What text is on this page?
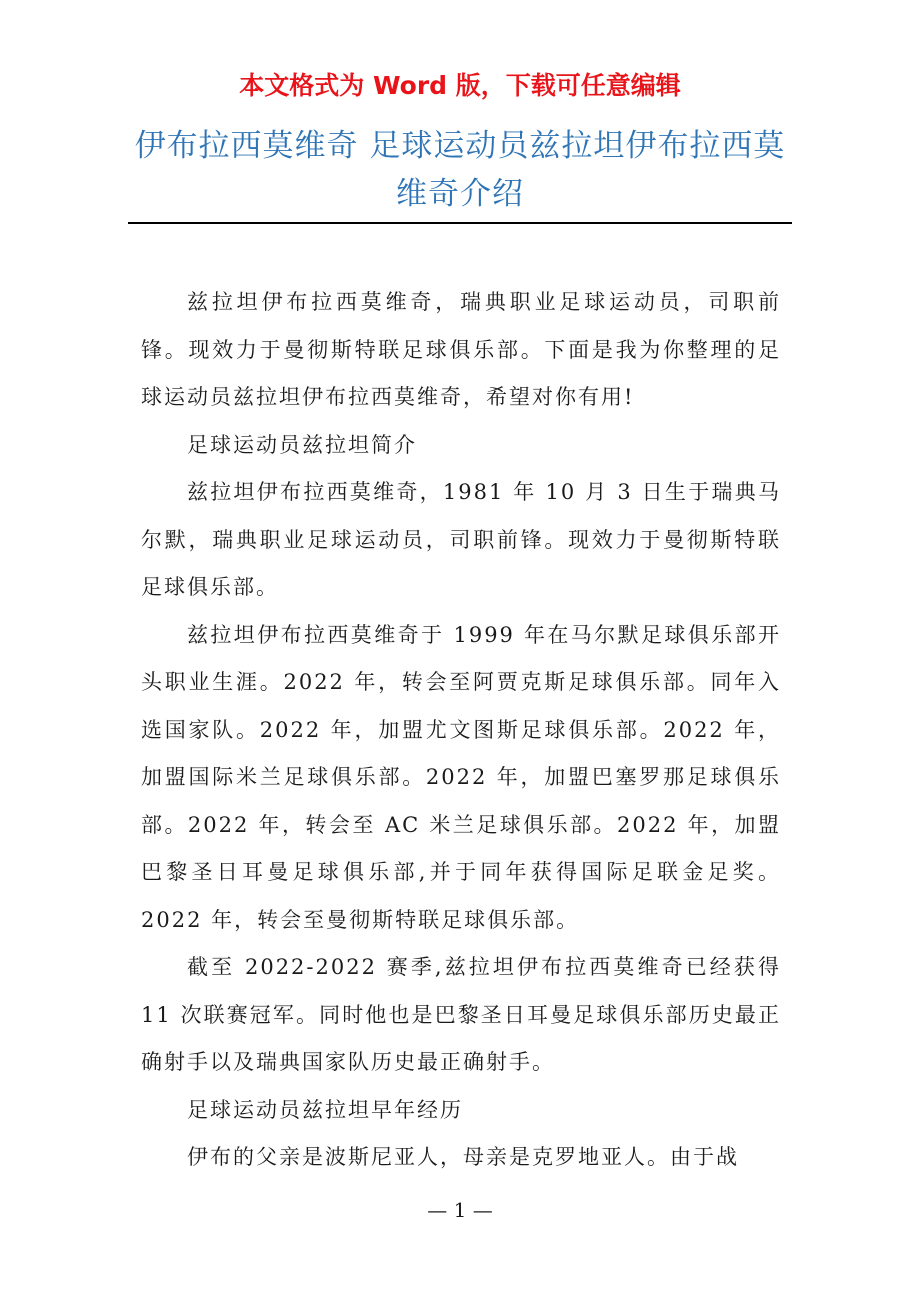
本文格式为 Word 版，下载可任意编辑
伊布拉西莫维奇 足球运动员兹拉坦伊布拉西莫维奇介绍

兹拉坦伊布拉西莫维奇，瑞典职业足球运动员，司职前锋。现效力于曼彻斯特联足球俱乐部。下面是我为你整理的足球运动员兹拉坦伊布拉西莫维奇，希望对你有用!

足球运动员兹拉坦简介

兹拉坦伊布拉西莫维奇，1981 年 10 月 3 日生于瑞典马尔默，瑞典职业足球运动员，司职前锋。现效力于曼彻斯特联足球俱乐部。

兹拉坦伊布拉西莫维奇于 1999 年在马尔默足球俱乐部开头职业生涯。2022 年，转会至阿贾克斯足球俱乐部。同年入选国家队。2022 年，加盟尤文图斯足球俱乐部。2022 年，加盟国际米兰足球俱乐部。2022 年，加盟巴塞罗那足球俱乐部。2022 年，转会至 AC 米兰足球俱乐部。2022 年，加盟巴黎圣日耳曼足球俱乐部,并于同年获得国际足联金足奖。2022 年，转会至曼彻斯特联足球俱乐部。

截至 2022-2022 赛季,兹拉坦伊布拉西莫维奇已经获得 11 次联赛冠军。同时他也是巴黎圣日耳曼足球俱乐部历史最正确射手以及瑞典国家队历史最正确射手。

足球运动员兹拉坦早年经历

伊布的父亲是波斯尼亚人，母亲是克罗地亚人。由于战

— 1 —
